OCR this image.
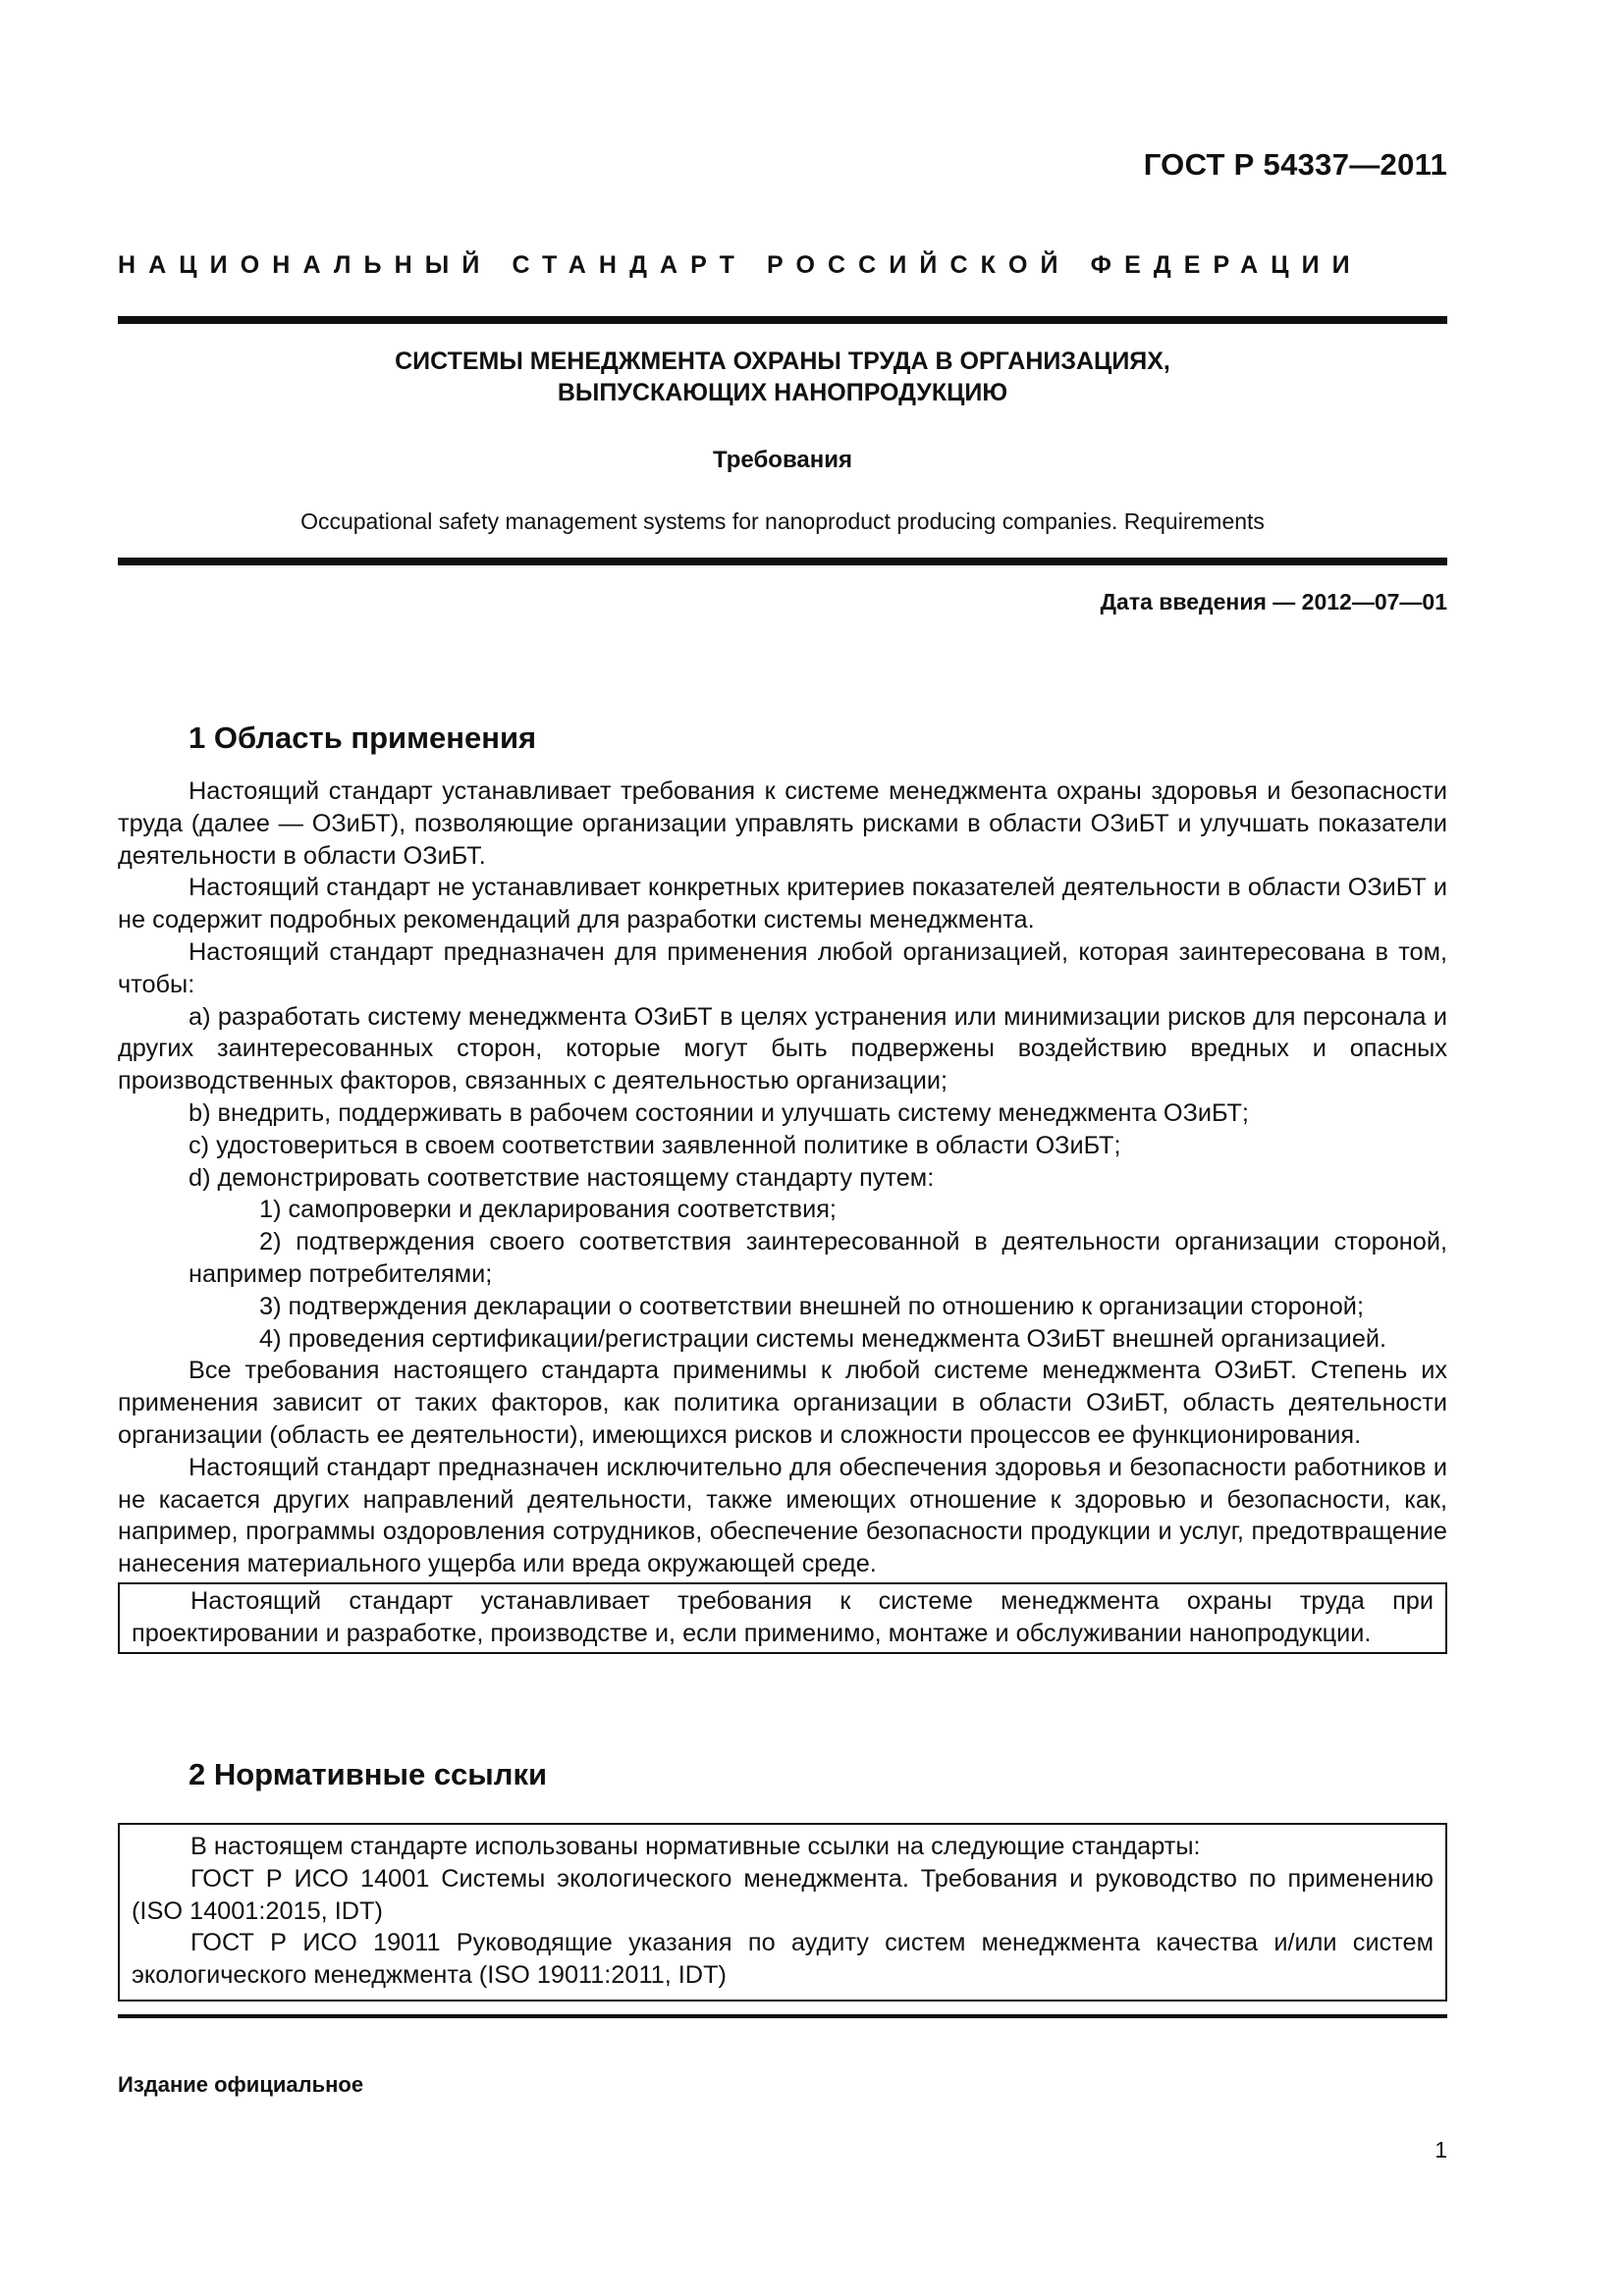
ГОСТ Р 54337—2011
НАЦИОНАЛЬНЫЙ СТАНДАРТ РОССИЙСКОЙ ФЕДЕРАЦИИ
СИСТЕМЫ МЕНЕДЖМЕНТА ОХРАНЫ ТРУДА В ОРГАНИЗАЦИЯХ,
ВЫПУСКАЮЩИХ НАНОПРОДУКЦИЮ
Требования
Occupational safety management systems for nanoproduct producing companies. Requirements
Дата введения — 2012—07—01
1 Область применения

Настоящий стандарт устанавливает требования к системе менеджмента охраны здоровья и безопасности труда (далее — ОЗиБТ), позволяющие организации управлять рисками в области ОЗиБТ и улучшать показатели деятельности в области ОЗиБТ.

Настоящий стандарт не устанавливает конкретных критериев показателей деятельности в области ОЗиБТ и не содержит подробных рекомендаций для разработки системы менеджмента.

Настоящий стандарт предназначен для применения любой организацией, которая заинтересована в том, чтобы:

a) разработать систему менеджмента ОЗиБТ в целях устранения или минимизации рисков для персонала и других заинтересованных сторон, которые могут быть подвержены воздействию вредных и опасных производственных факторов, связанных с деятельностью организации;

b) внедрить, поддерживать в рабочем состоянии и улучшать систему менеджмента ОЗиБТ;

c) удостовериться в своем соответствии заявленной политике в области ОЗиБТ;

d) демонстрировать соответствие настоящему стандарту путем:

1) самопроверки и декларирования соответствия;

2) подтверждения своего соответствия заинтересованной в деятельности организации стороной, например потребителями;

3) подтверждения декларации о соответствии внешней по отношению к организации стороной;

4) проведения сертификации/регистрации системы менеджмента ОЗиБТ внешней организацией.

Все требования настоящего стандарта применимы к любой системе менеджмента ОЗиБТ. Степень их применения зависит от таких факторов, как политика организации в области ОЗиБТ, область деятельности организации (область ее деятельности), имеющихся рисков и сложности процессов ее функционирования.

Настоящий стандарт предназначен исключительно для обеспечения здоровья и безопасности работников и не касается других направлений деятельности, также имеющих отношение к здоровью и безопасности, как, например, программы оздоровления сотрудников, обеспечение безопасности продукции и услуг, предотвращение нанесения материального ущерба или вреда окружающей среде.

Настоящий стандарт устанавливает требования к системе менеджмента охраны труда при проектировании и разработке, производстве и, если применимо, монтаже и обслуживании нанопродукции.

2 Нормативные ссылки

В настоящем стандарте использованы нормативные ссылки на следующие стандарты:

ГОСТ Р ИСО 14001 Системы экологического менеджмента. Требования и руководство по применению (ISO 14001:2015, IDT)

ГОСТ Р ИСО 19011 Руководящие указания по аудиту систем менеджмента качества и/или систем экологического менеджмента (ISO 19011:2011, IDT)

Издание официальное
1
